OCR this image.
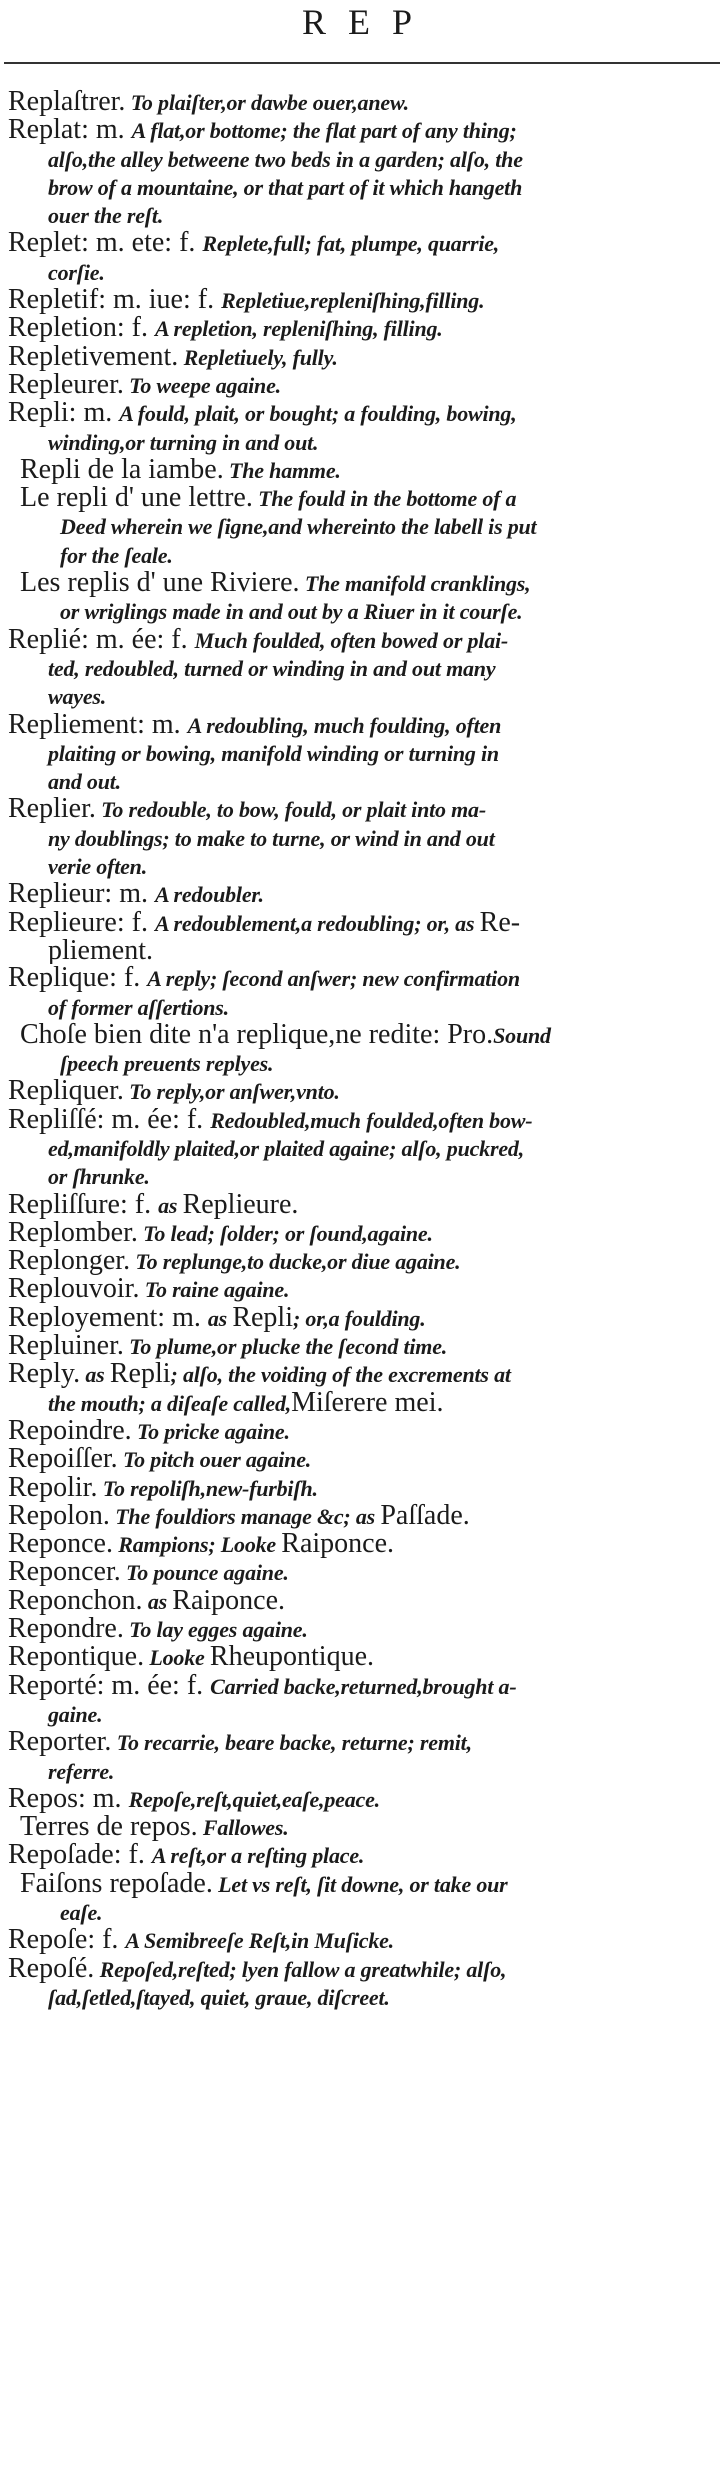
REP
Replaſtrer. To plaiſter,or dawbe ouer,anew.
Replat: m. A flat,or bottome; the flat part of any thing;
alſo,the alley betweene two beds in a garden; alſo, the
brow of a mountaine, or that part of it which hangeth
ouer the reſt.
Replet: m. ete: f. Replete,full; fat, plumpe, quarrie,
corſie.
Repletif: m. iue: f. Repletiue,repleniſhing,filling.
Repletion: f. A repletion, repleniſhing, filling.
Repletivement. Repletiuely, fully.
Repleurer. To weepe againe.
Repli: m. A fould, plait, or bought; a foulding, bowing,
winding,or turning in and out.
Repli de la iambe. The hamme.
Le repli d' une lettre. The fould in the bottome of a
Deed wherein we ſigne,and whereinto the labell is put
for the ſeale.
Les replis d' une Riviere. The manifold cranklings,
or wriglings made in and out by a Riuer in it courſe.
Replié: m. ée: f. Much foulded, often bowed or plai-
ted, redoubled, turned or winding in and out many
wayes.
Repliement: m. A redoubling, much foulding, often
plaiting or bowing, manifold winding or turning in
and out.
Replier. To redouble, to bow, fould, or plait into ma-
ny doublings; to make to turne, or wind in and out
verie often.
Replieur: m. A redoubler.
Replieure: f. A redoublement,a redoubling; or, as Re-
pliement.
Replique: f. A reply; ſecond anſwer; new confirmation
of former aſſertions.
Choſe bien dite n'a replique,ne redite: Pro.Sound
ſpeech preuents replyes.
Repliquer. To reply,or anſwer,vnto.
Repliſſé: m. ée: f. Redoubled,much foulded,often bow-
ed,manifoldly plaited,or plaited againe; alſo, puckred,
or ſhrunke.
Repliſſure: f. as Replieure.
Replomber. To lead; ſolder; or ſound,againe.
Replonger. To replunge,to ducke,or diue againe.
Replouvoir. To raine againe.
Reployement: m. as Repli; or,a foulding.
Repluiner. To plume,or plucke the ſecond time.
Reply. as Repli; alſo, the voiding of the excrements at
the mouth; a diſeaſe called,Miſerere mei.
Repoindre. To pricke againe.
Repoiſſer. To pitch ouer againe.
Repolir. To repoliſh,new-furbiſh.
Repolon. The fouldiors manage &c; as Paſſade.
Reponce. Rampions; Looke Raiponce.
Reponcer. To pounce againe.
Reponchon. as Raiponce.
Repondre. To lay egges againe.
Repontique. Looke Rheupontique.
Reporté: m. ée: f. Carried backe,returned,brought a-
gaine.
Reporter. To recarrie, beare backe, returne; remit,
referre.
Repos: m. Repoſe,reſt,quiet,eaſe,peace.
Terres de repos. Fallowes.
Repoſade: f. A reſt,or a reſting place.
Faiſons repoſade. Let vs reſt, ſit downe, or take our
eaſe.
Repoſe: f. A Semibreeſe Reſt,in Muſicke.
Repoſé. Repoſed,reſted; lyen fallow a greatwhile; alſo,
ſad,ſetled,ſtayed, quiet, graue, diſcreet.
